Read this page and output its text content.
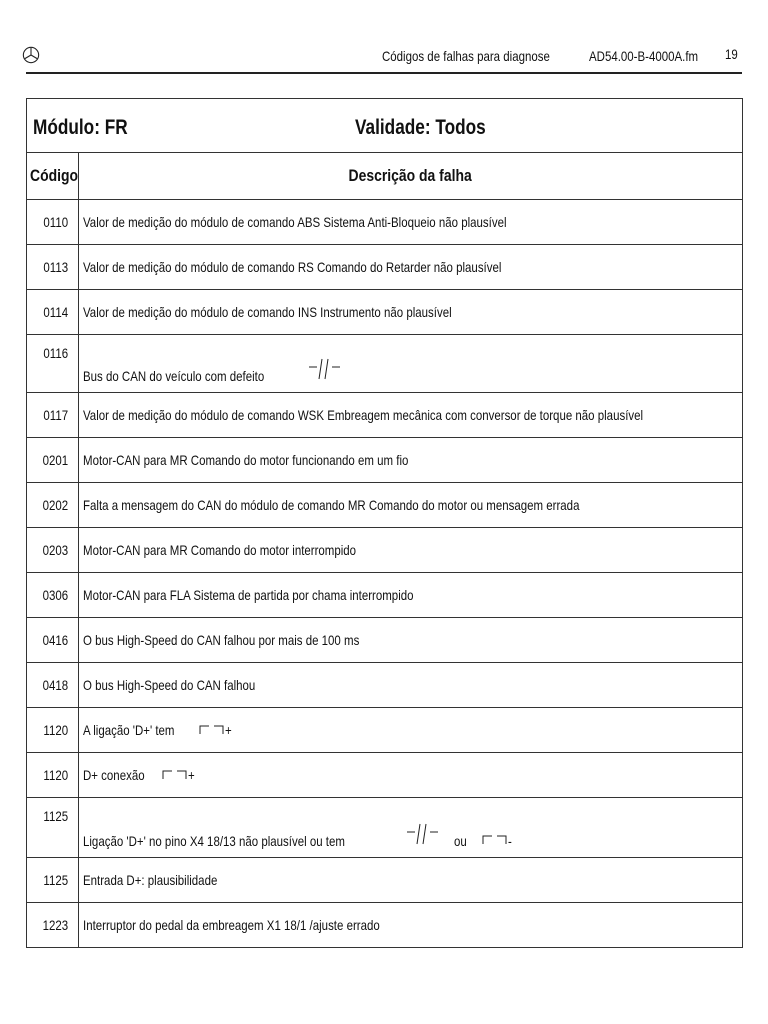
Códigos de falhas para diagnose	AD54.00-B-4000A.fm 19
Módulo: FR Validade: Todos	

Código	Descrição da falha
0110	Valor de medição do módulo de comando ABS Sistema Anti-Bloqueio não plausível

0113	Valor de medição do módulo de comando RS Comando do Retarder não plausível

0114	Valor de medição do módulo de comando INS Instrumento não plausível

0116	Bus do CAN do veículo com defeito

0117	Valor de medição do módulo de comando WSK Embreagem mecânica com conversor de torque não plausível

0201	Motor-CAN para MR Comando do motor funcionando em um fio

0202	Falta a mensagem do CAN do módulo de comando MR Comando do motor ou mensagem errada

0203	Motor-CAN para MR Comando do motor interrompido

0306	Motor-CAN para FLA Sistema de partida por chama interrompido

0416	O bus High-Speed do CAN falhou por mais de 100 ms

0418	O bus High-Speed do CAN falhou

1120	A ligação 'D+' tem +

1120	D+ conexão +

1125	Ligação 'D+' no pino X4 18/13 não plausível ou tem ou -

1125	Entrada D+: plausibilidade

1223	Interruptor do pedal da embreagem X1 18/1 /ajuste errado
